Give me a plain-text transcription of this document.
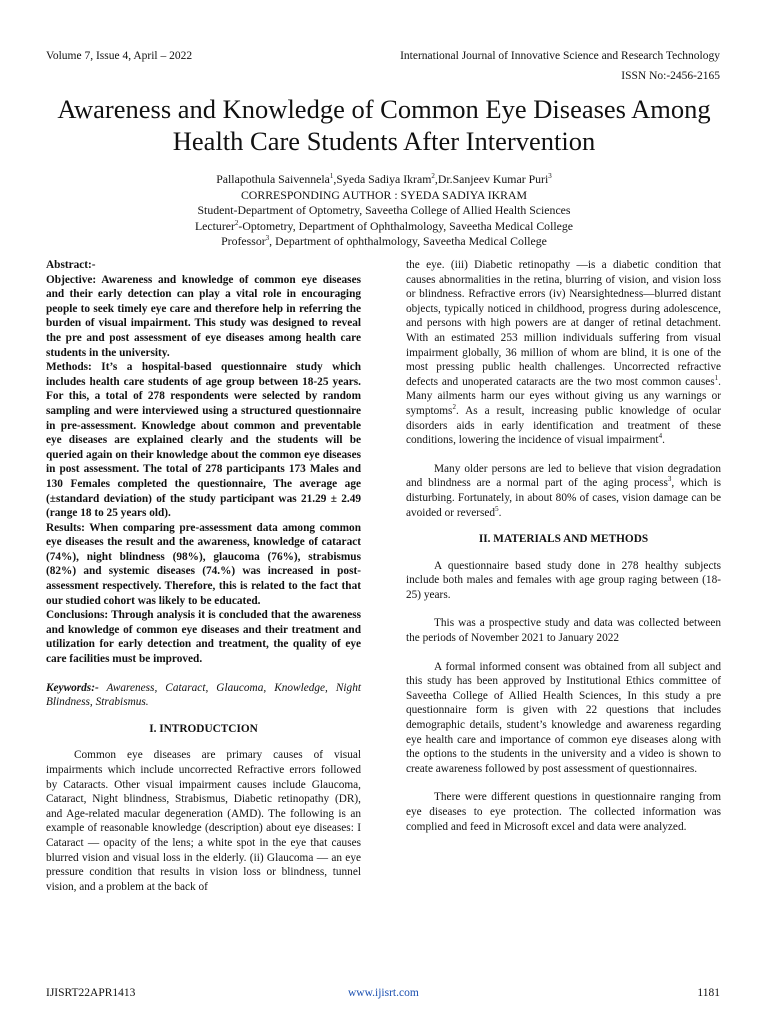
Volume 7, Issue 4, April – 2022	International Journal of Innovative Science and Research Technology
ISSN No:-2456-2165
Awareness and Knowledge of Common Eye Diseases Among Health Care Students After Intervention
Pallapothula Saivennela$^1$,Syeda Sadiya Ikram$^2$,Dr.Sanjeev Kumar Puri$^3$
CORRESPONDING AUTHOR : SYEDA SADIYA IKRAM
Student-Department of Optometry, Saveetha College of Allied Health Sciences
Lecturer$^2$-Optometry, Department of Ophthalmology, Saveetha Medical College
Professor$^3$, Department of ophthalmology, Saveetha Medical College

Abstract:-

Objective: Awareness and knowledge of common eye diseases and their early detection can play a vital role in encouraging people to seek timely eye care and therefore help in referring the burden of visual impairment. This study was designed to reveal the pre and post assessment of eye diseases among health care students in the university.

Methods: It’s a hospital-based questionnaire study which includes health care students of age group between 18-25 years. For this, a total of 278 respondents were selected by random sampling and were interviewed using a structured questionnaire in pre-assessment. Knowledge about common and preventable eye diseases are explained clearly and the students will be queried again on their knowledge about the common eye diseases in post assessment. The total of 278 participants 173 Males and 130 Females completed the questionnaire, The average age (±standard deviation) of the study participant was 21.29 ± 2.49 (range 18 to 25 years old).

Results: When comparing pre-assessment data among common eye diseases the result and the awareness, knowledge of cataract (74%), night blindness (98%), glaucoma (76%), strabismus (82%) and systemic diseases (74.%) was increased in post-assessment respectively. Therefore, this is related to the fact that our studied cohort was likely to be educated.

Conclusions: Through analysis it is concluded that the awareness and knowledge of common eye diseases and their treatment and utilization for early detection and treatment, the quality of eye care facilities must be improved.

Keywords:- Awareness, Cataract, Glaucoma, Knowledge, Night Blindness, Strabismus.

I. INTRODUCTCION

Common eye diseases are primary causes of visual impairments which include uncorrected Refractive errors followed by Cataracts. Other visual impairment causes include Glaucoma, Cataract, Night blindness, Strabismus, Diabetic retinopathy (DR), and Age-related macular degeneration (AMD). The following is an example of reasonable knowledge (description) about eye diseases: I Cataract — opacity of the lens; a white spot in the eye that causes blurred vision and visual loss in the elderly. (ii) Glaucoma — an eye pressure condition that results in vision loss or blindness, tunnel vision, and a problem at the back of

the eye. (iii) Diabetic retinopathy —is a diabetic condition that causes abnormalities in the retina, blurring of vision, and vision loss or blindness. Refractive errors (iv) Nearsightedness—blurred distant objects, typically noticed in childhood, progress during adolescence, and persons with high powers are at danger of retinal detachment. With an estimated 253 million individuals suffering from visual impairment globally, 36 million of whom are blind, it is one of the most pressing public health challenges. Uncorrected refractive defects and unoperated cataracts are the two most common causes$^1$. Many ailments harm our eyes without giving us any warnings or symptoms$^2$. As a result, increasing public knowledge of ocular disorders aids in early identification and treatment of these conditions, lowering the incidence of visual impairment$^4$.

Many older persons are led to believe that vision degradation and blindness are a normal part of the aging process$^3$, which is disturbing. Fortunately, in about 80% of cases, vision damage can be avoided or reversed$^5$.

II. MATERIALS AND METHODS

A questionnaire based study done in 278 healthy subjects include both males and females with age group raging between (18-25) years.

This was a prospective study and data was collected between the periods of November 2021 to January 2022

A formal informed consent was obtained from all subject and this study has been approved by Institutional Ethics committee of Saveetha College of Allied Health Sciences, In this study a pre questionnaire form is given with 22 questions that includes demographic details, student’s knowledge and awareness regarding eye health care and importance of common eye diseases along with the options to the students in the university and a video is shown to create awareness followed by post assessment of questionnaires.

There were different questions in questionnaire ranging from eye diseases to eye protection. The collected information was complied and feed in Microsoft excel and data were analyzed.

IJISRT22APR1413	www.ijisrt.com	1181
